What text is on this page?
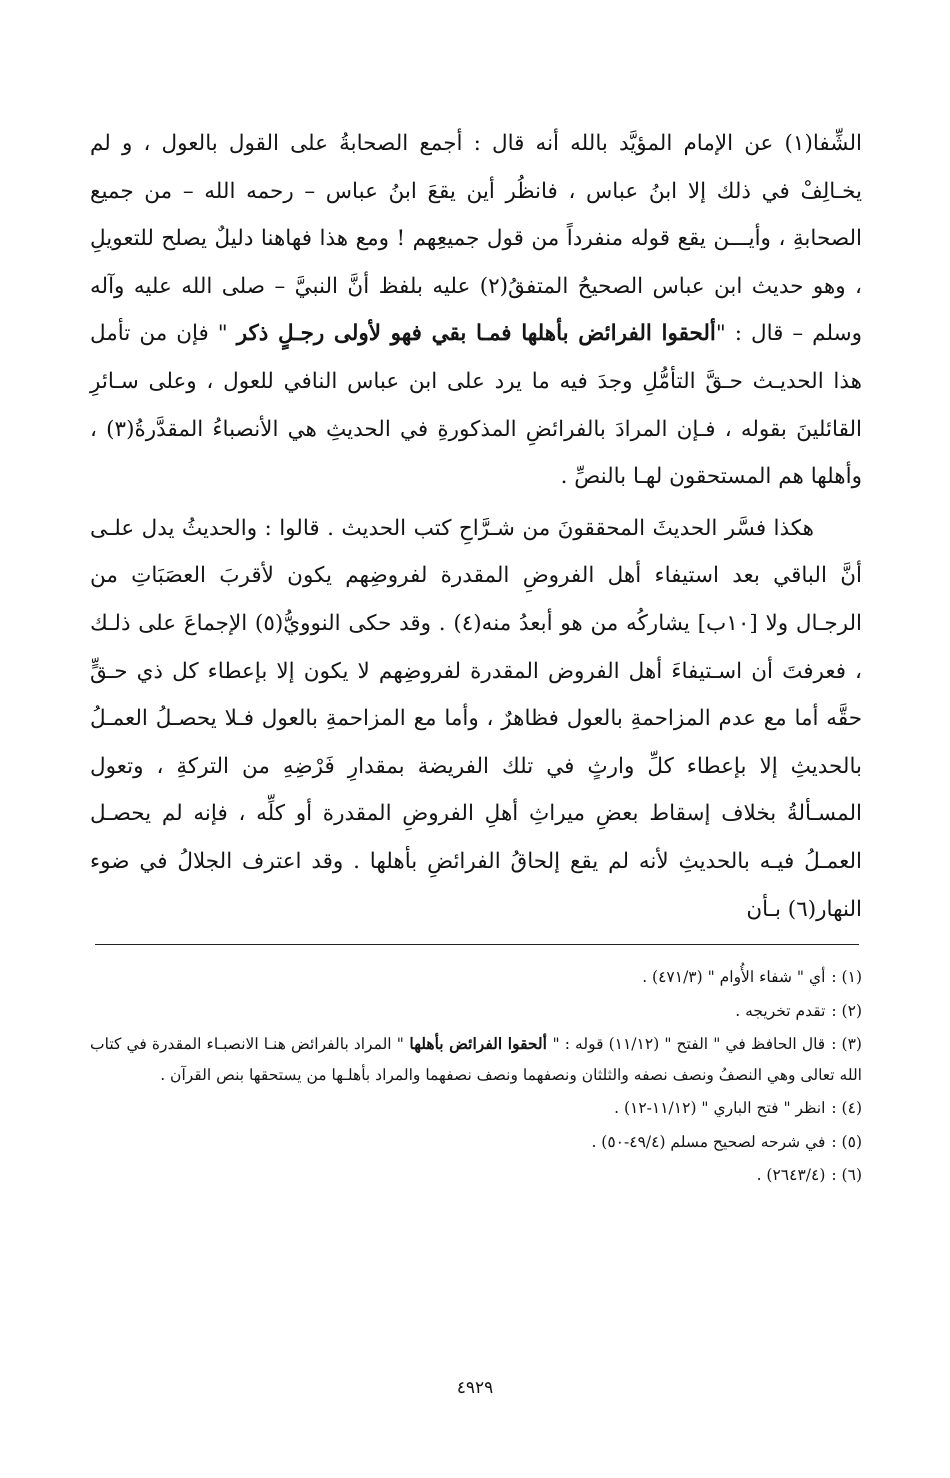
الشِّفا(١) عن الإمام المؤيَّد بالله أنه قال : أجمع الصحابةُ على القول بالعول ، و لم يخـالِفْ في ذلك إلا ابنُ عباس ، فانظُر أين يقعَ ابنُ عباس – رحمه الله – من جميع الصحابةِ ، وأيـــن يقع قوله منفرداً من قول جميعِهم ! ومع هذا فهاهنا دليلٌ يصلح للتعويلِ ، وهو حديث ابن عباس الصحيحُ المتفقُ(٢) عليه بلفظ أنَّ النبيَّ – صلى الله عليه وآله وسلم – قال : "ألحقوا الفرائض بأهلها فمـا بقي فهو لأولى رجـلٍ ذكر " فإن من تأمل هذا الحديـث حـقَّ التأمُّلِ وجدَ فيه ما يرد على ابن عباس النافي للعول ، وعلى سـائرِ القائلينَ بقوله ، فـإن المرادَ بالفرائضِ المذكورةِ في الحديثِ هي الأنصباءُ المقدَّرةُ(٣) ، وأهلها هم المستحقون لهـا بالنصِّ .

هكذا فسَّر الحديثَ المحققونَ من شـرَّاحِ كتب الحديث . قالوا : والحديثُ يدل علـى أنَّ الباقي بعد استيفاء أهل الفروضِ المقدرة لفروضِهم يكون لأقربَ العصَبَاتِ من الرجـال ولا [١٠ب] يشاركُه من هو أبعدُ منه(٤) . وقد حكى النوويُّ(٥) الإجماعَ على ذلـك ، فعرفتَ أن اسـتيفاءَ أهل الفروض المقدرة لفروضِهم لا يكون إلا بإعطاء كل ذي حـقٍّ حقَّه أما مع عدم المزاحمةِ بالعول فظاهرٌ ، وأما مع المزاحمةِ بالعول فـلا يحصـلُ العمـلُ بالحديثِ إلا بإعطاء كلِّ وارثٍ في تلك الفريضة بمقدارِ فَرْضِهِ من التركةِ ، وتعول المسـألةُ بخلاف إسقاط بعضِ ميراثِ أهلِ الفروضِ المقدرة أو كلِّه ، فإنه لم يحصـل العمـلُ فيـه بالحديثِ لأنه لم يقع إلحاقُ الفرائضِ بأهلها . وقد اعترف الجلالُ في ضوء النهار(٦) بـأن

(١) :أي " شفاء الأُوام " (٤٧١/٣) .

(٢) :تقدم تخريجه .

(٣) :قال الحافظ في " الفتح " (١١/١٢) قوله : " ألحقوا الفرائض بأهلها " المراد بالفرائض هنـا الانصبـاء المقدرة في كتاب الله تعالى وهي النصفُ ونصف نصفه والثلثان ونصفهما ونصف نصفهما والمراد بأهلـها من يستحقها بنص القرآن .

(٤) :انظر " فتح الباري " (١١/١٢-١٢) .

(٥) :في شرحه لصحيح مسلم (٤٩/٤-٥٠) .

(٦) :(٢٦٤٣/٤) .

٤٩٢٩
